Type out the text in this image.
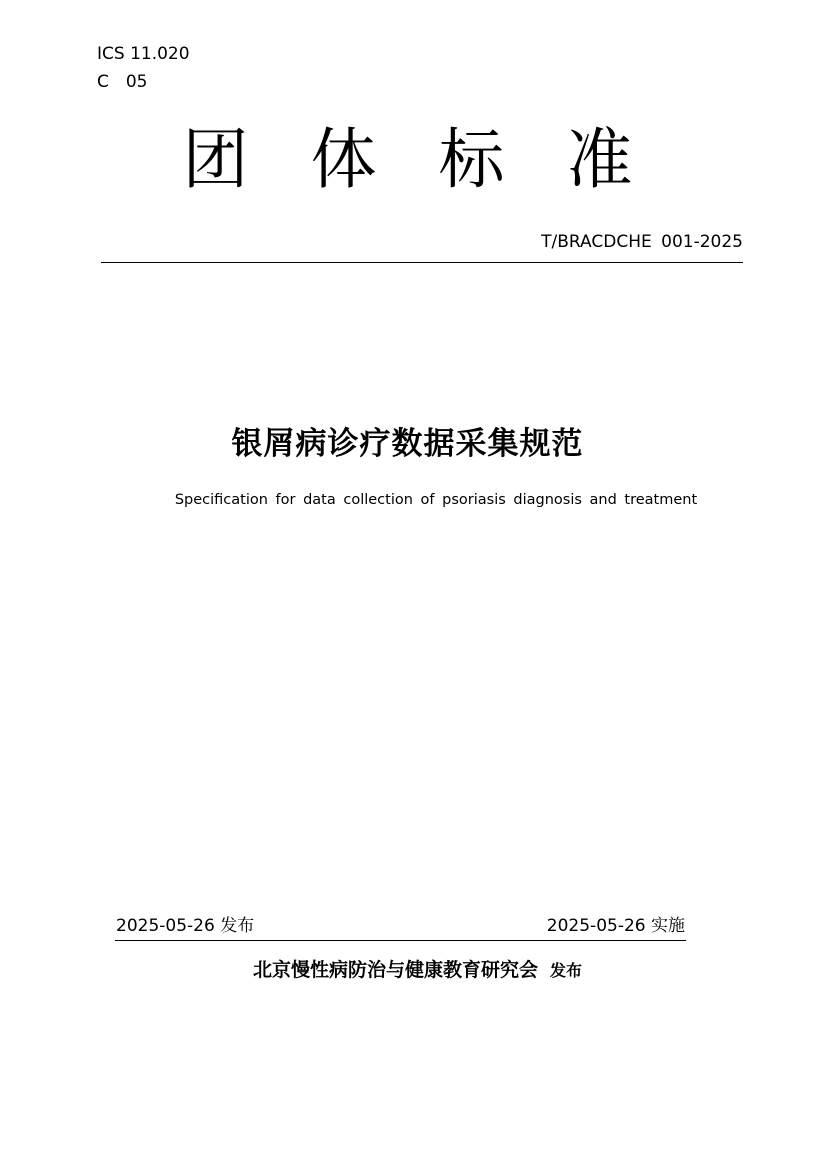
ICS 11.020
C　05
团体标准
T/BRACDCHE 001-2025
银屑病诊疗数据采集规范
Specification for data collection of psoriasis diagnosis and treatment
2025-05-26 发布	2025-05-26 实施
北京慢性病防治与健康教育研究会 发布
